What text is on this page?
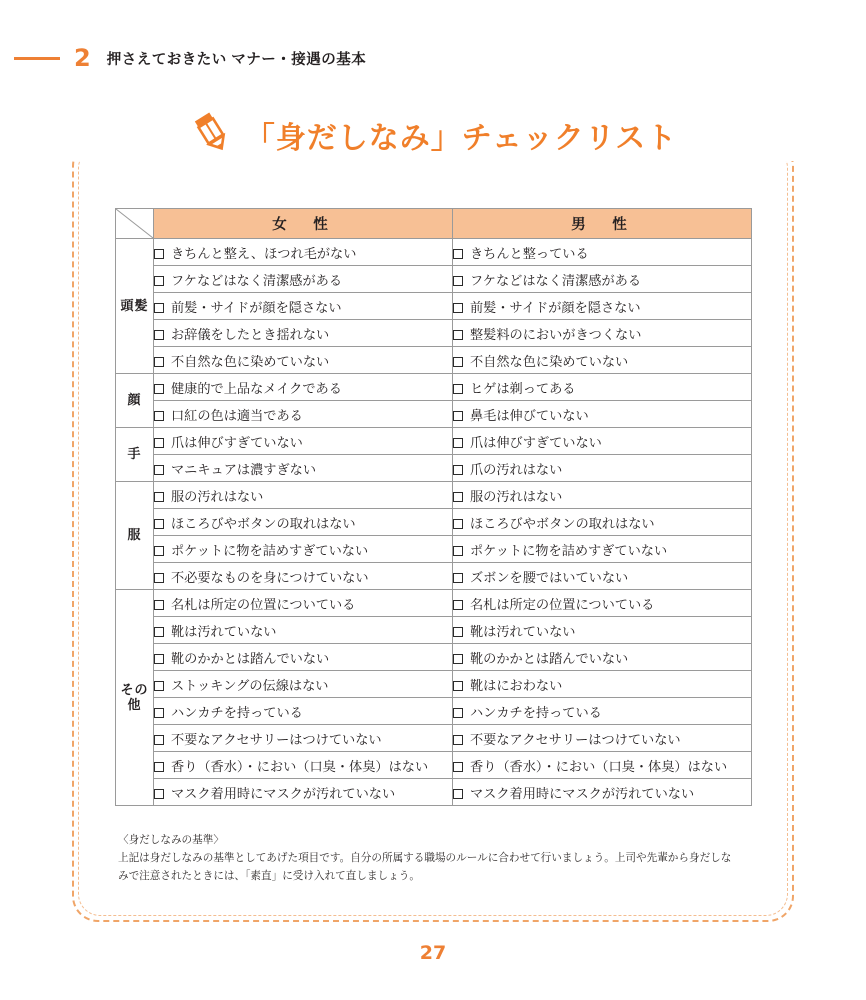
2 押さえておきたい マナー・接遇の基本
「身だしなみ」チェックリスト
	女　性	男　性
頭髪	きちんと整え、ほつれ毛がない	きちんと整っている
	フケなどはなく清潔感がある	フケなどはなく清潔感がある
	前髪・サイドが顔を隠さない	前髪・サイドが顔を隠さない
	お辞儀をしたとき揺れない	整髪料のにおいがきつくない
	不自然な色に染めていない	不自然な色に染めていない
顔	健康的で上品なメイクである	ヒゲは剃ってある
	口紅の色は適当である	鼻毛は伸びていない
手	爪は伸びすぎていない	爪は伸びすぎていない
	マニキュアは濃すぎない	爪の汚れはない
服	服の汚れはない	服の汚れはない
	ほころびやボタンの取れはない	ほころびやボタンの取れはない
	ポケットに物を詰めすぎていない	ポケットに物を詰めすぎていない
	不必要なものを身につけていない	ズボンを腰ではいていない
その他	名札は所定の位置についている	名札は所定の位置についている
	靴は汚れていない	靴は汚れていない
	靴のかかとは踏んでいない	靴のかかとは踏んでいない
	ストッキングの伝線はない	靴はにおわない
	ハンカチを持っている	ハンカチを持っている
	不要なアクセサリーはつけていない	不要なアクセサリーはつけていない
	香り（香水）・におい（口臭・体臭）はない	香り（香水）・におい（口臭・体臭）はない
	マスク着用時にマスクが汚れていない	マスク着用時にマスクが汚れていない
〈身だしなみの基準〉
上記は身だしなみの基準としてあげた項目です。自分の所属する職場のルールに合わせて行いましょう。上司や先輩から身だしなみで注意されたときには、「素直」に受け入れて直しましょう。
27
